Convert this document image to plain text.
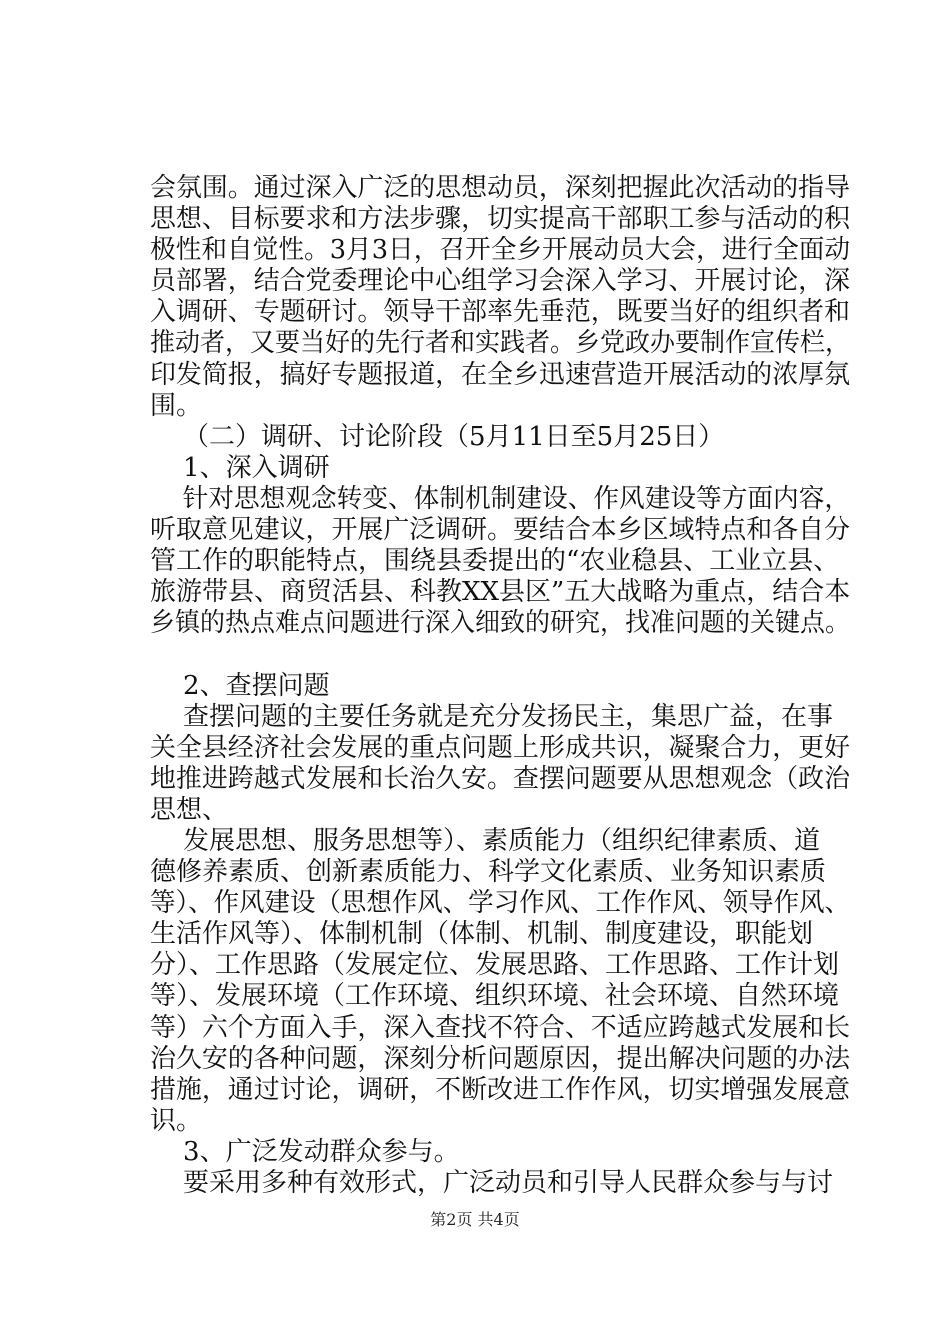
会氛围。通过深入广泛的思想动员，深刻把握此次活动的指导
思想、目标要求和方法步骤，切实提高干部职工参与活动的积
极性和自觉性。3月3日，召开全乡开展动员大会，进行全面动
员部署，结合党委理论中心组学习会深入学习、开展讨论，深
入调研、专题研讨。领导干部率先垂范，既要当好的组织者和
推动者，又要当好的先行者和实践者。乡党政办要制作宣传栏，
印发简报，搞好专题报道，在全乡迅速营造开展活动的浓厚氛
围。
（二）调研、讨论阶段（5月11日至5月25日）
1、深入调研
针对思想观念转变、体制机制建设、作风建设等方面内容，
听取意见建议，开展广泛调研。要结合本乡区域特点和各自分
管工作的职能特点，围绕县委提出的“农业稳县、工业立县、
旅游带县、商贸活县、科教XX县区”五大战略为重点，结合本
乡镇的热点难点问题进行深入细致的研究，找准问题的关键点。
2、查摆问题
查摆问题的主要任务就是充分发扬民主，集思广益，在事
关全县经济社会发展的重点问题上形成共识，凝聚合力，更好
地推进跨越式发展和长治久安。查摆问题要从思想观念（政治
思想、
发展思想、服务思想等）、素质能力（组织纪律素质、道
德修养素质、创新素质能力、科学文化素质、业务知识素质
等）、作风建设（思想作风、学习作风、工作作风、领导作风、
生活作风等）、体制机制（体制、机制、制度建设，职能划
分）、工作思路（发展定位、发展思路、工作思路、工作计划
等）、发展环境（工作环境、组织环境、社会环境、自然环境
等）六个方面入手，深入查找不符合、不适应跨越式发展和长
治久安的各种问题，深刻分析问题原因，提出解决问题的办法
措施，通过讨论，调研，不断改进工作作风，切实增强发展意
识。
3、广泛发动群众参与。
要采用多种有效形式，广泛动员和引导人民群众参与与讨
第2页 共4页
